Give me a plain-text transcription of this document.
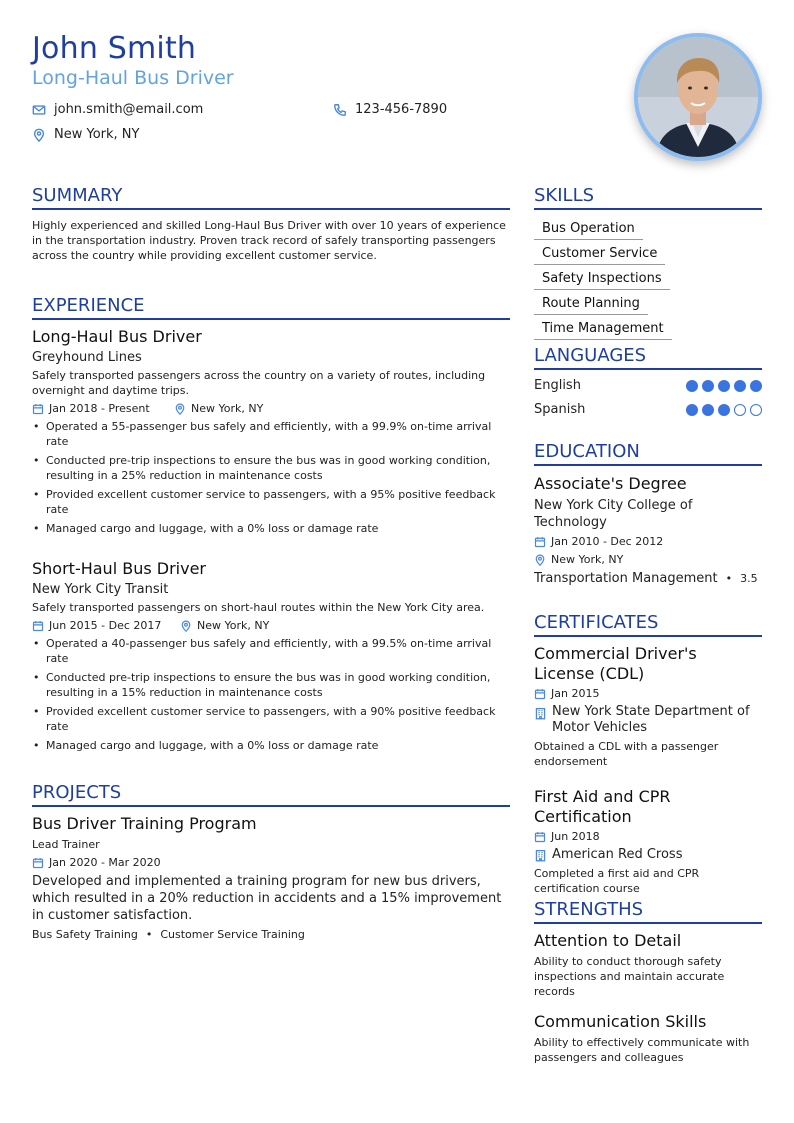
John Smith
Long-Haul Bus Driver
john.smith@email.com	123-456-7890
New York, NY
SUMMARY
Highly experienced and skilled Long-Haul Bus Driver with over 10 years of experience in the transportation industry. Proven track record of safely transporting passengers across the country while providing excellent customer service.
EXPERIENCE
Long-Haul Bus Driver
Greyhound Lines
Safely transported passengers across the country on a variety of routes, including overnight and daytime trips.
Jan 2018 - Present	New York, NY
• Operated a 55-passenger bus safely and efficiently, with a 99.9% on-time arrival rate
• Conducted pre-trip inspections to ensure the bus was in good working condition, resulting in a 25% reduction in maintenance costs
• Provided excellent customer service to passengers, with a 95% positive feedback rate
• Managed cargo and luggage, with a 0% loss or damage rate
Short-Haul Bus Driver
New York City Transit
Safely transported passengers on short-haul routes within the New York City area.
Jun 2015 - Dec 2017	New York, NY
• Operated a 40-passenger bus safely and efficiently, with a 99.5% on-time arrival rate
• Conducted pre-trip inspections to ensure the bus was in good working condition, resulting in a 15% reduction in maintenance costs
• Provided excellent customer service to passengers, with a 90% positive feedback rate
• Managed cargo and luggage, with a 0% loss or damage rate
PROJECTS
Bus Driver Training Program
Lead Trainer
Jan 2020 - Mar 2020
Developed and implemented a training program for new bus drivers, which resulted in a 20% reduction in accidents and a 15% improvement in customer satisfaction.
Bus Safety Training • Customer Service Training
SKILLS
Bus Operation
Customer Service
Safety Inspections
Route Planning
Time Management
LANGUAGES
English
Spanish
EDUCATION
Associate's Degree
New York City College of Technology
Jan 2010 - Dec 2012
New York, NY
Transportation Management • 3.5
CERTIFICATES
Commercial Driver's License (CDL)
Jan 2015
New York State Department of Motor Vehicles
Obtained a CDL with a passenger endorsement
First Aid and CPR Certification
Jun 2018
American Red Cross
Completed a first aid and CPR certification course
STRENGTHS
Attention to Detail
Ability to conduct thorough safety inspections and maintain accurate records
Communication Skills
Ability to effectively communicate with passengers and colleagues
